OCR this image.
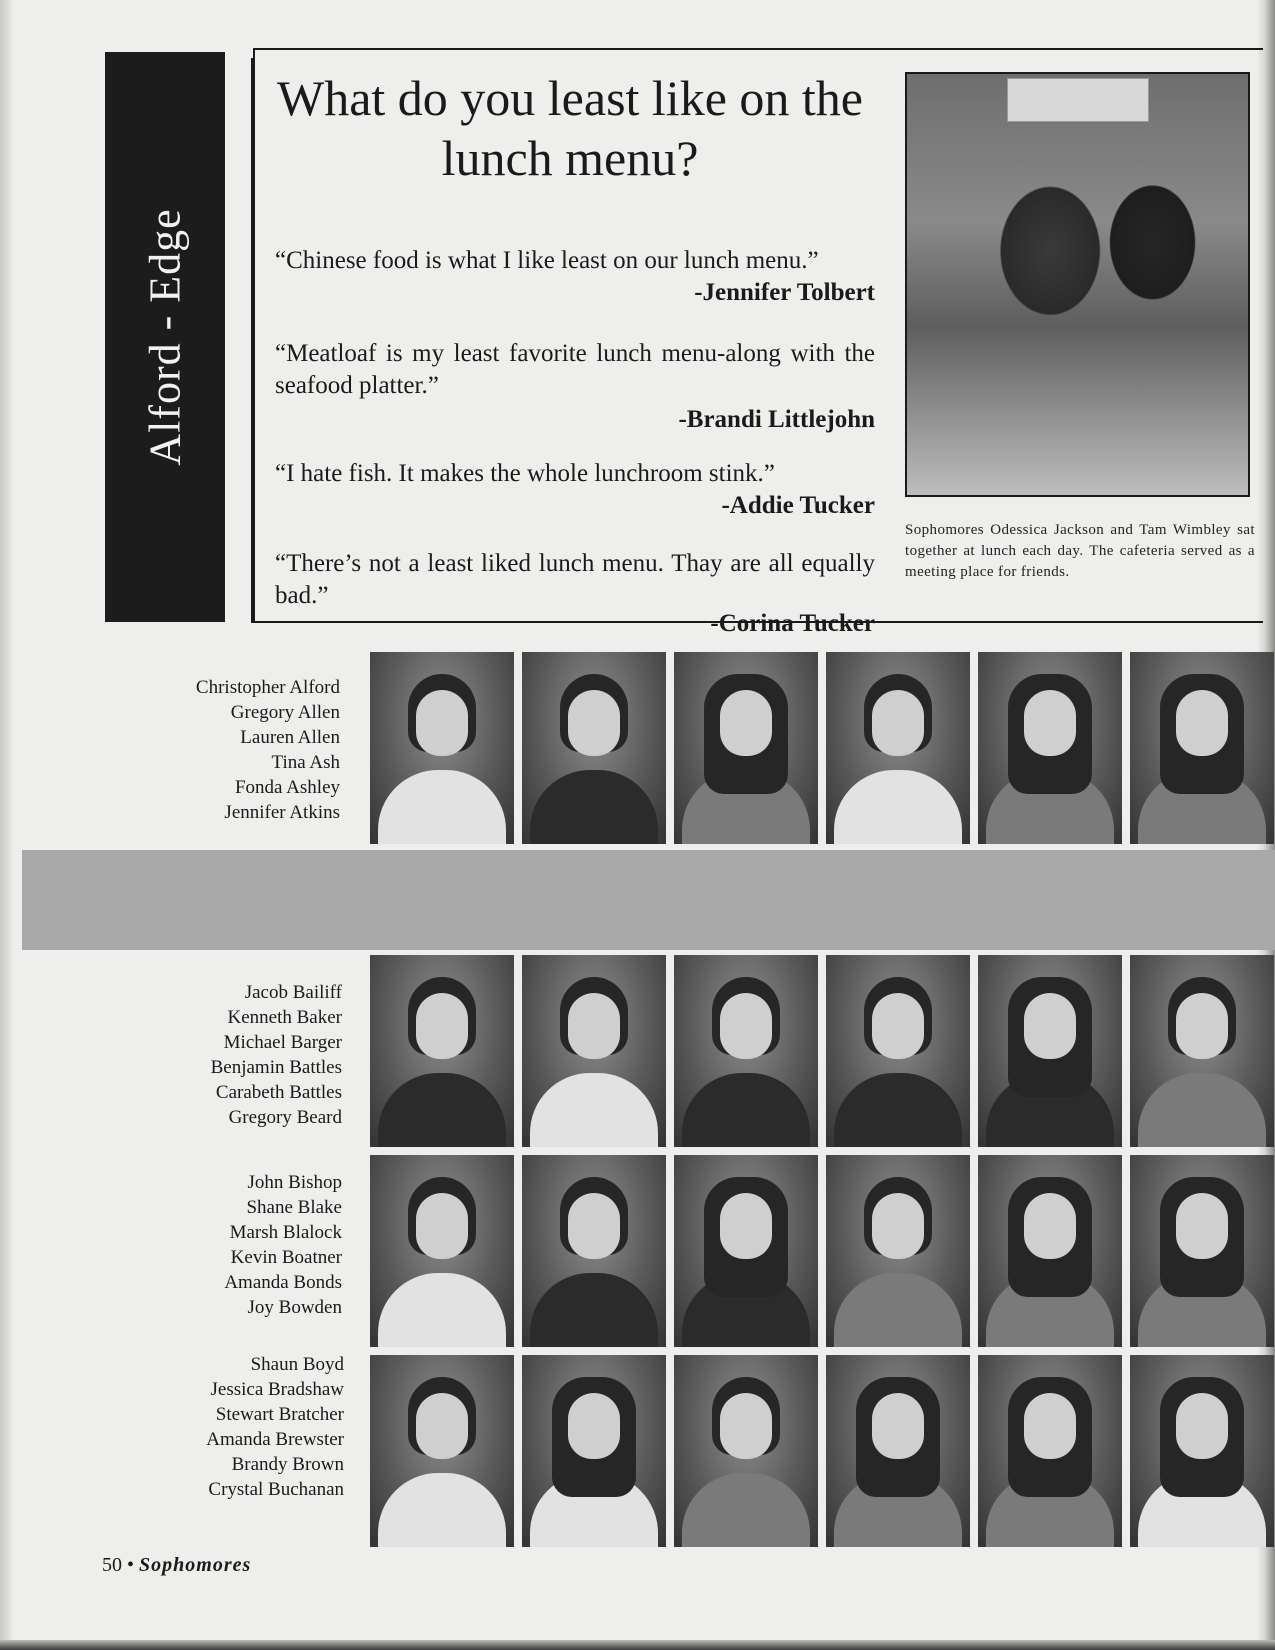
Alford - Edge
What do you least like on the lunch menu?
“Chinese food is what I like least on our lunch menu.”
-Jennifer Tolbert
“Meatloaf is my least favorite lunch menu-along with the seafood platter.”
-Brandi Littlejohn
“I hate fish. It makes the whole lunchroom stink.”
-Addie Tucker
“There’s not a least liked lunch menu. Thay are all equally bad.”
-Corina Tucker
Sophomores Odessica Jackson and Tam Wimbley sat together at lunch each day. The cafeteria served as a meeting place for friends.
Christopher Alford
Gregory Allen
Lauren Allen
Tina Ash
Fonda Ashley
Jennifer Atkins
Jacob Bailiff
Kenneth Baker
Michael Barger
Benjamin Battles
Carabeth Battles
Gregory Beard
John Bishop
Shane Blake
Marsh Blalock
Kevin Boatner
Amanda Bonds
Joy Bowden
Shaun Boyd
Jessica Bradshaw
Stewart Bratcher
Amanda Brewster
Brandy Brown
Crystal Buchanan
50 • Sophomores
